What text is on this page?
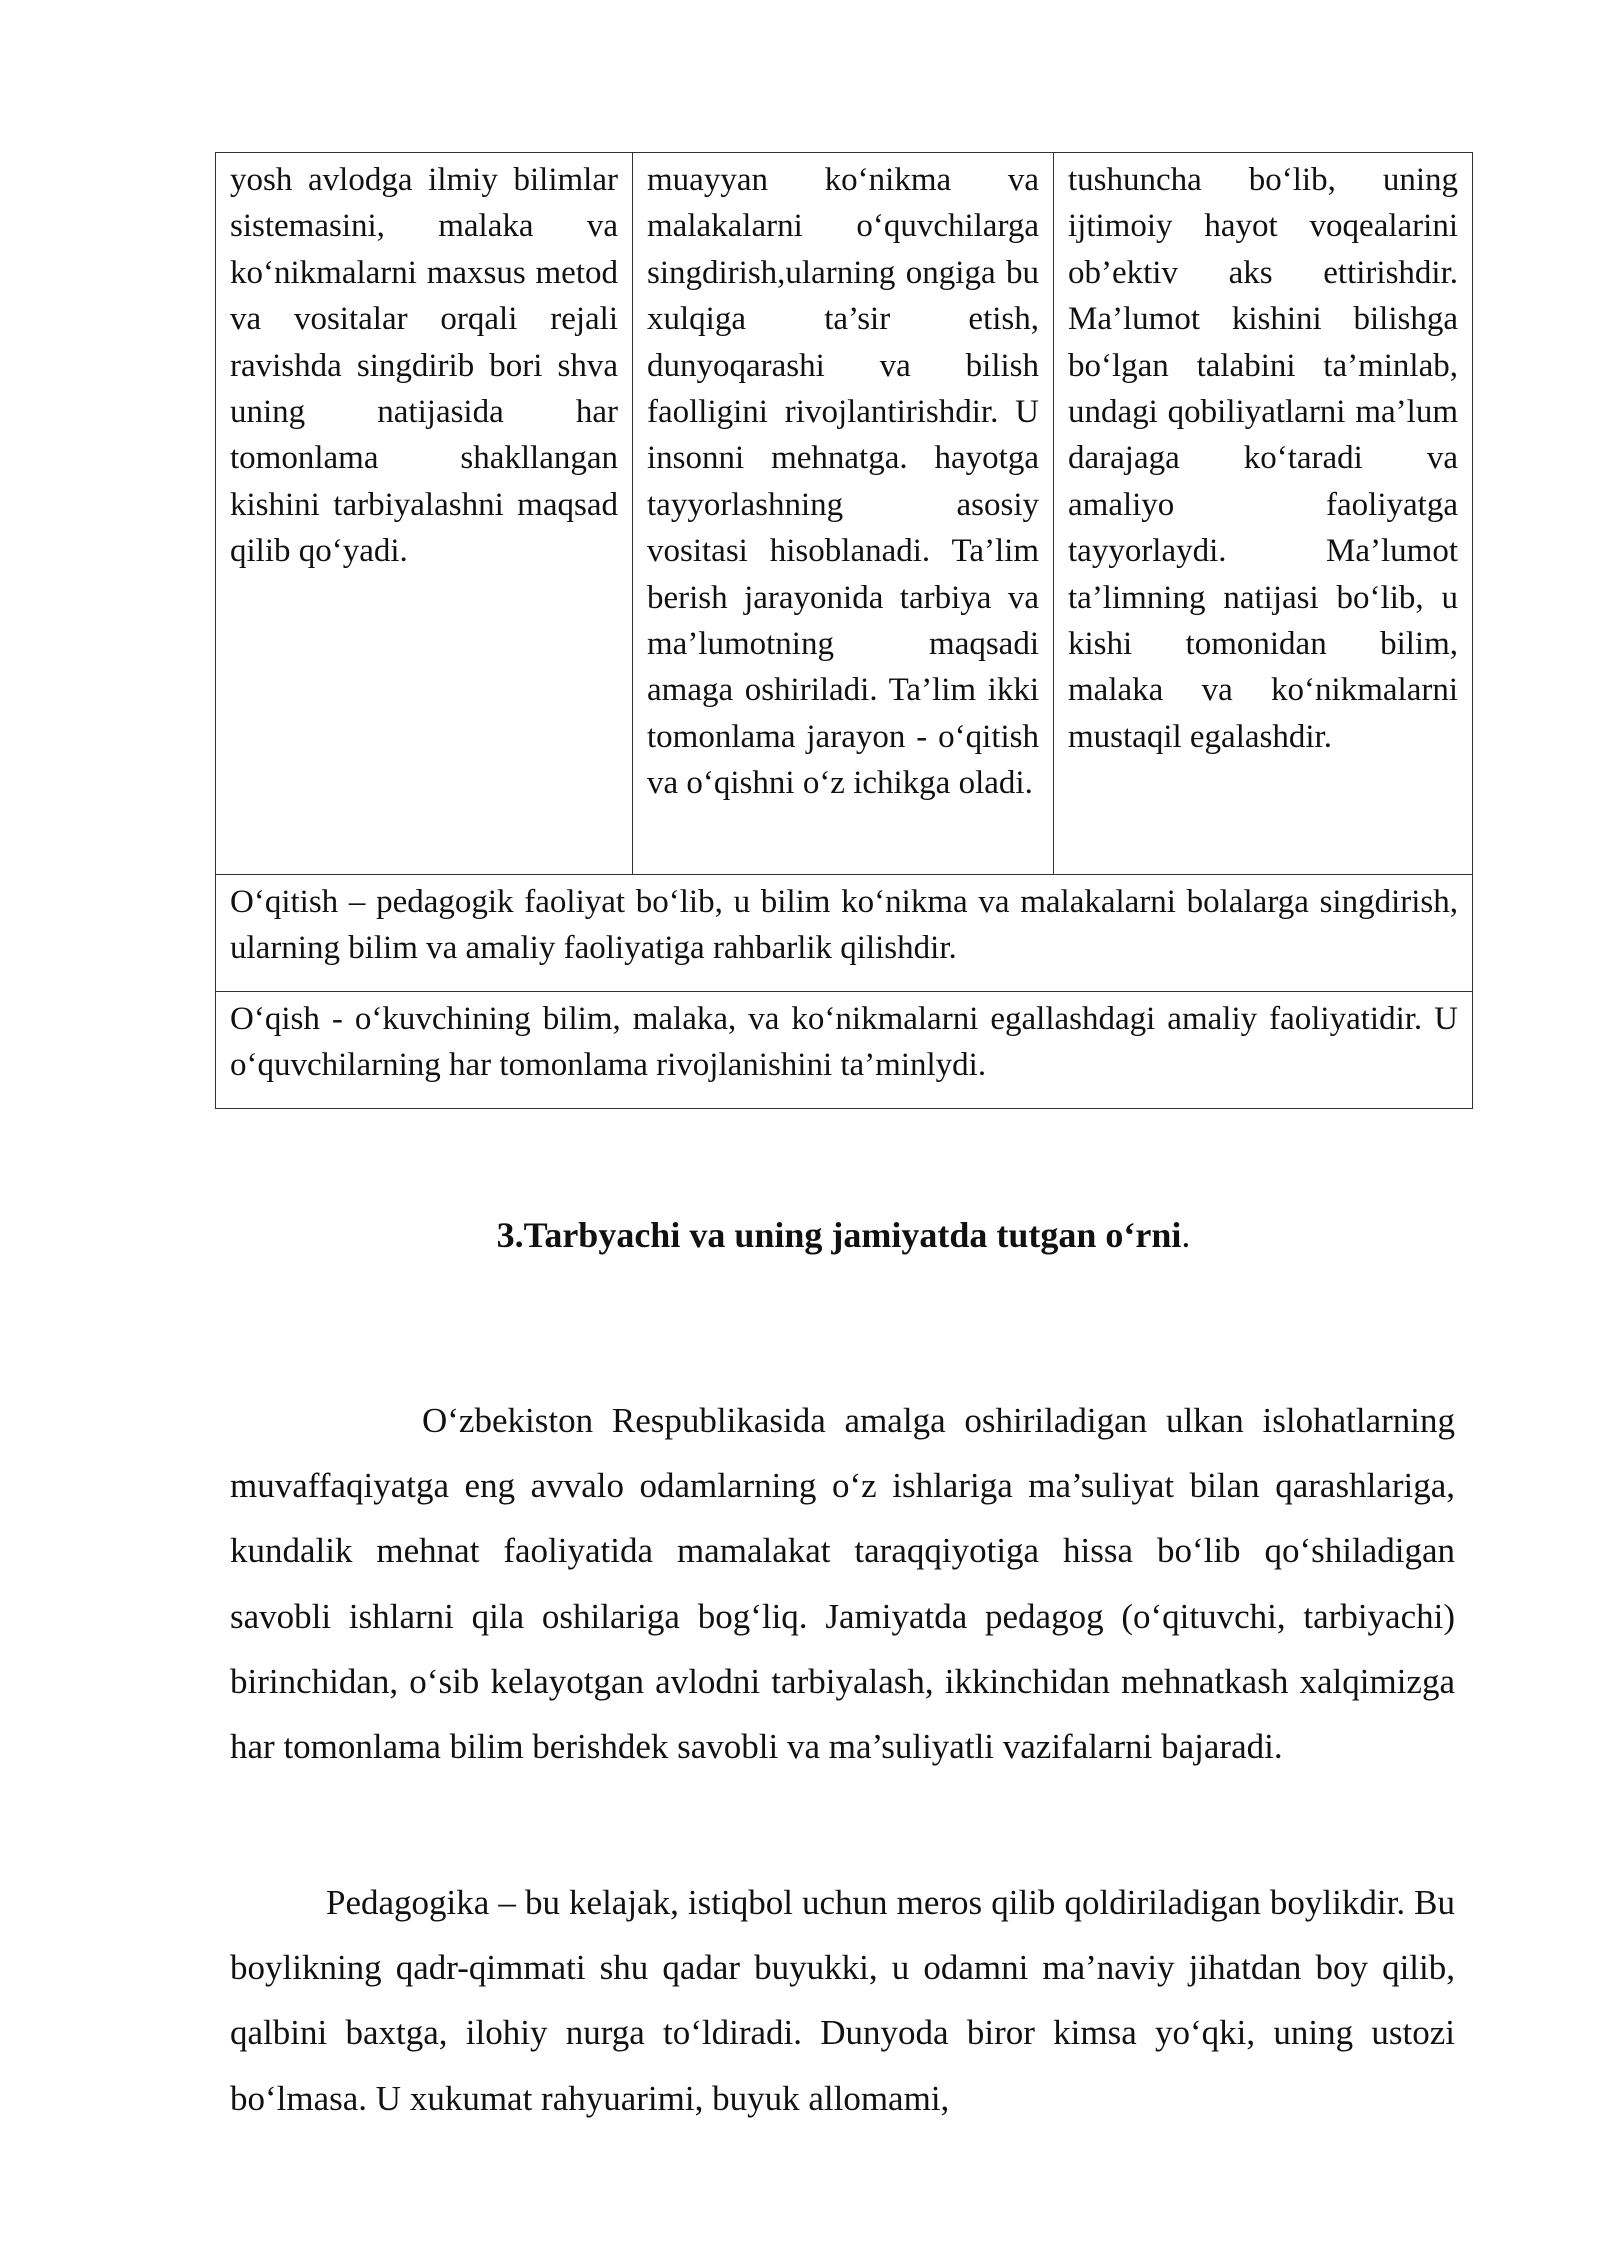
yosh avlodga ilmiy bilimlar sistemasini, malaka va ko‘nikmalarni maxsus metod va vositalar orqali rejali ravishda singdirib bori shva uning natijasida har tomonlama shakllangan kishini tarbiyalashni maqsad qilib qo‘yadi.	muayyan ko‘nikma va malakalarni o‘quvchilarga singdirish,ularning ongiga bu xulqiga ta’sir etish, dunyoqarashi va bilish faolligini rivojlantirishdir. U insonni mehnatga. hayotga tayyorlashning asosiy vositasi hisoblanadi. Ta’lim berish jarayonida tarbiya va ma’lumotning maqsadi amaga oshiriladi. Ta’lim ikki tomonlama jarayon - o‘qitish va o‘qishni o‘z ichikga oladi.	tushuncha bo‘lib, uning ijtimoiy hayot voqealarini ob’ektiv aks ettirishdir. Ma’lumot kishini bilishga bo‘lgan talabini ta’minlab, undagi qobiliyatlarni ma’lum darajaga ko‘taradi va amaliyo faoliyatga tayyorlaydi. Ma’lumot ta’limning natijasi bo‘lib, u kishi tomonidan bilim, malaka va ko‘nikmalarni mustaqil egalashdir.
O‘qitish – pedagogik faoliyat bo‘lib, u bilim ko‘nikma va malakalarni bolalarga singdirish, ularning bilim va amaliy faoliyatiga rahbarlik qilishdir.
O‘qish - o‘kuvchining bilim, malaka, va ko‘nikmalarni egallashdagi amaliy faoliyatidir. U o‘quvchilarning har tomonlama rivojlanishini ta’minlydi.
3.Tarbyachi va uning jamiyatda tutgan o‘rni.

O‘zbekiston Respublikasida amalga oshiriladigan ulkan islohatlarning muvaffaqiyatga eng avvalo odamlarning o‘z ishlariga ma’suliyat bilan qarashlariga, kundalik mehnat faoliyatida mamalakat taraqqiyotiga hissa bo‘lib qo‘shiladigan savobli ishlarni qila oshilariga bog‘liq. Jamiyatda pedagog (o‘qituvchi, tarbiyachi) birinchidan, o‘sib kelayotgan avlodni tarbiyalash, ikkinchidan mehnatkash xalqimizga har tomonlama bilim berishdek savobli va ma’suliyatli vazifalarni bajaradi.

Pedagogika – bu kelajak, istiqbol uchun meros qilib qoldiriladigan boylikdir. Bu boylikning qadr-qimmati shu qadar buyukki, u odamni ma’naviy jihatdan boy qilib, qalbini baxtga, ilohiy nurga to‘ldiradi. Dunyoda biror kimsa yo‘qki, uning ustozi bo‘lmasa. U xukumat rahyuarimi, buyuk allomami,
